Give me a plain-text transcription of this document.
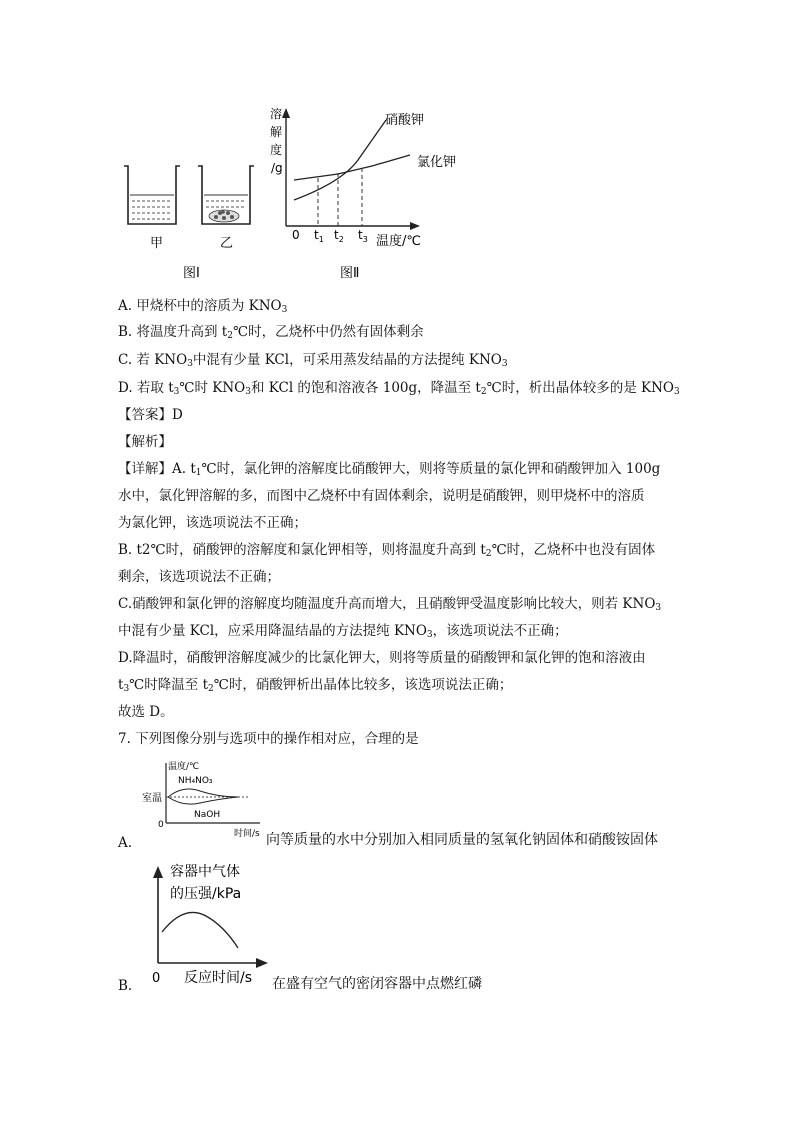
甲	乙
图Ⅰ
溶
解
度
/g
硝酸钾
氯化钾
0 $t_1$ $t_2$ $t_3$ 温度/℃
图Ⅱ
A. 甲烧杯中的溶质为 $KNO_3$
B. 将温度升高到 $t_2℃$时，乙烧杯中仍然有固体剩余
C. 若 $KNO_3$中混有少量 KCl，可采用蒸发结晶的方法提纯 $KNO_3$
D. 若取 $t_3℃$时 $KNO_3$和 KCl 的饱和溶液各 100g，降温至 $t_2℃$时，析出晶体较多的是 $KNO_3$
【答案】D
【解析】
【详解】A. $t_1℃$时，氯化钾的溶解度比硝酸钾大，则将等质量的氯化钾和硝酸钾加入 100g
水中，氯化钾溶解的多，而图中乙烧杯中有固体剩余，说明是硝酸钾，则甲烧杯中的溶质
为氯化钾，该选项说法不正确；
B. t2℃时，硝酸钾的溶解度和氯化钾相等，则将温度升高到 $t_2℃$时，乙烧杯中也没有固体
剩余，该选项说法不正确；
C.硝酸钾和氯化钾的溶解度均随温度升高而增大，且硝酸钾受温度影响比较大，则若 $KNO_3$
中混有少量 KCl，应采用降温结晶的方法提纯 $KNO_3$，该选项说法不正确；
D.降温时，硝酸钾溶解度减少的比氯化钾大，则将等质量的硝酸钾和氯化钾的饱和溶液由
$t_3℃$时降温至 $t_2℃$时，硝酸钾析出晶体比较多，该选项说法正确；
故选 D。
7. 下列图像分别与选项中的操作相对应，合理的是
温度/℃
室温
0
NH₄NO₃
NaOH
时间/s
A.	向等质量的水中分别加入相同质量的氢氧化钠固体和硝酸铵固体
容器中气体
的压强/kPa
0 反应时间/s
B.	在盛有空气的密闭容器中点燃红磷
